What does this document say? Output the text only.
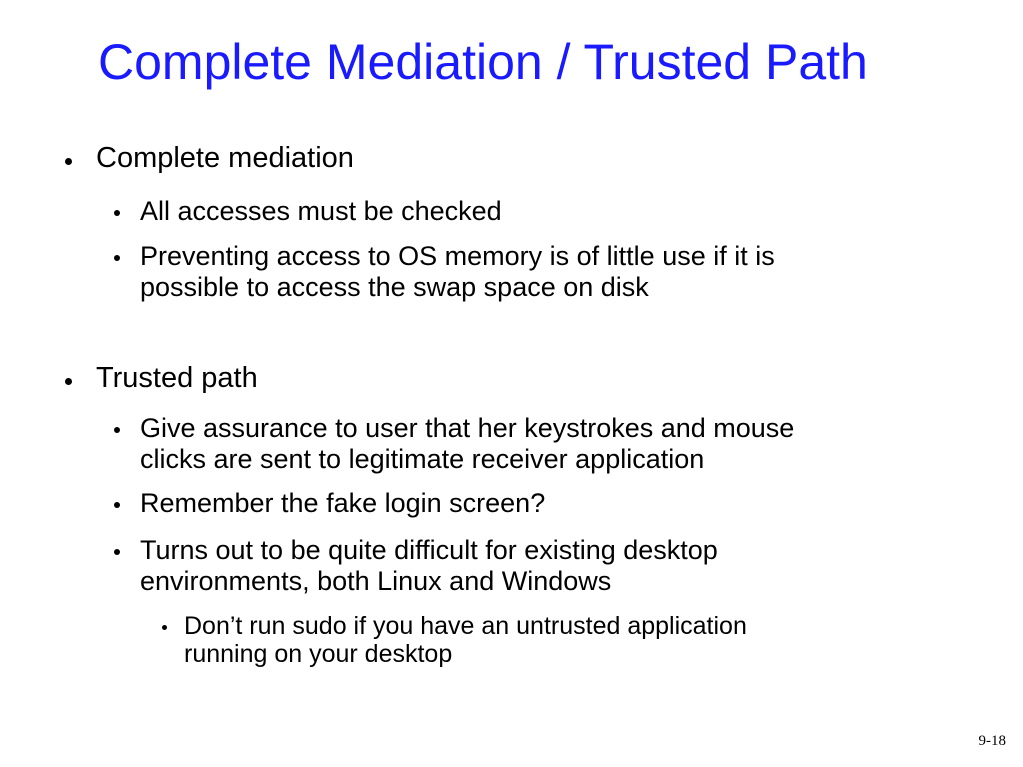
Complete Mediation / Trusted Path
Complete mediation
All accesses must be checked
Preventing access to OS memory is of little use if it is
possible to access the swap space on disk
Trusted path
Give assurance to user that her keystrokes and mouse
clicks are sent to legitimate receiver application
Remember the fake login screen?
Turns out to be quite difficult for existing desktop
environments, both Linux and Windows
Don’t run sudo if you have an untrusted application
running on your desktop
9-18
